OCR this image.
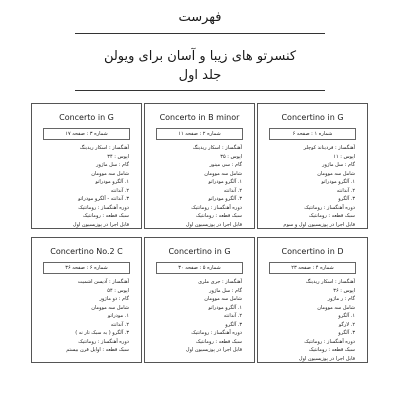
فهرست
کنسرتو های زیبا و آسان برای ویولن
جلد اول
Concertino in G
شماره ۱ : صفحه ۶
آهنگساز : فردیناند کوچلر
اپوس : ۱۱
گام : سل ماژور
شامل سه موومان
۱. آلگرو مودراتو
۲. آندانته
۳. آلگرو
دوره آهنگساز : رومانتیک
سبک قطعه : رومانتیک
قابل اجرا در پوزیسیون اول و سوم
Concerto in B minor
شماره ۲ : صفحه ۱۱
آهنگساز : اسکار ریدینگ
اپوس : ۳۵
گام : سی مینور
شامل سه موومان
۱. آلگرو مودراتو
۲. آندانته
۳. آلگرو مودراتو
دوره آهنگساز : رومانتیک
سبک قطعه : رومانتیک
قابل اجرا در پوزیسیون اول
Concerto in G
شماره ۳ : صفحه ۱۷
آهنگساز : اسکار ریدینگ
اپوس : ۳۴
گام : سل ماژور
شامل سه موومان
۱. آلگرو مودراتو
۲. آندانته
۳. آندانته - آلگرو مودراتو
دوره آهنگساز : رومانتیک
سبک قطعه : رومانتیک
قابل اجرا در پوزیسیون اول
Concertino in D
شماره ۴ : صفحه ۲۳
آهنگساز : اسکار ریدینگ
اپوس : ۳۶
گام : ر ماژور
شامل سه موومان
۱. آلگرو
۲. لارگو
۳. آلگرو
دوره آهنگساز : رومانتیک
سبک قطعه : رومانتیک
قابل اجرا در پوزیسیون اول
Concertino in G
شماره ۵ : صفحه ۳۰
آهنگساز : جری ملری
گام : سل ماژور
شامل سه موومان
۱. آلگرو مودراتو
۲. آندانته
۳. آلگرو
دوره آهنگساز : رومانتیک
سبک قطعه : رومانتیک
قابل اجرا در پوزیسیون اول
Concertino No.2 C
شماره ۶ : صفحه ۳۶
آهنگساز : آدیسن اشمیت
اپوس : ۵۴
گام : دو ماژور
شامل سه موومان
۱. مودراتو
۲. آندانته
۳. آلگرو ( به سبک تار نه )
دوره آهنگساز : رومانتیک
سبک قطعه : اوایل قرن بیستم
